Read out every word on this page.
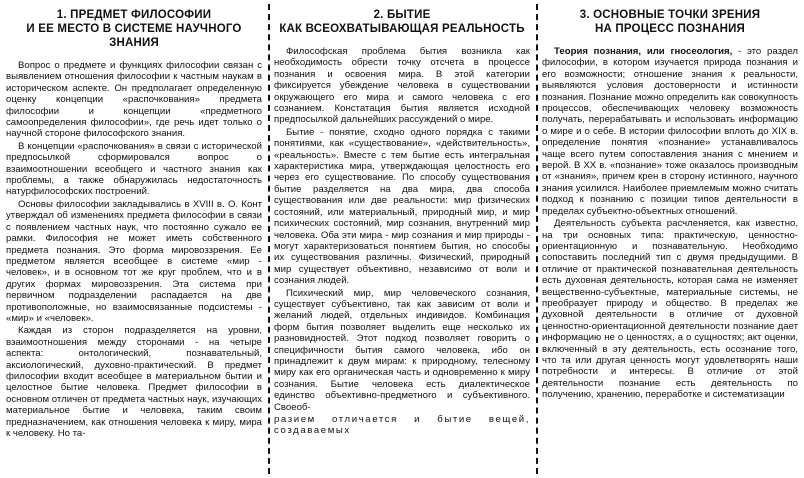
1. ПРЕДМЕТ ФИЛОСОФИИ
И ЕЕ МЕСТО В СИСТЕМЕ НАУЧНОГО ЗНАНИЯ

Вопрос о предмете и функциях философии связан с выявлением отношения философии к частным наукам в историческом аспекте. Он предполагает определенную оценку концепции «распочкования» предмета философии и концепции «предметного самоопределения философии», где речь идет только о научной стороне философского знания.

В концепции «распочкования» в связи с исторической предпосылкой сформировался вопрос о взаимоотношении всеобщего и частного знания как проблемы, а также обнаружилась недостаточность натурфилософских построений.

Основы философии закладывались в XVIII в. О. Конт утверждал об изменениях предмета философии в связи с появлением частных наук, что постоянно сужало ее рамки. Философия не может иметь собственного предмета познания. Это форма мировоззрения. Ее предметом является всеобщее в системе «мир - человек», и в основном тот же круг проблем, что и в других формах мировоззрения. Эта система при первичном подразделении распадается на две противоположные, но взаимосвязанные подсистемы - «мир» и «человек».

Каждая из сторон подразделяется на уровни, взаимоотношения между сторонами - на четыре аспекта: онтологический, познавательный, аксиологический, духовно-практический. В предмет философии входит всеобщее в материальном бытии и целостное бытие человека. Предмет философии в основном отличен от предмета частных наук, изучающих материальное бытие и человека, таким своим предназначением, как отношения человека к миру, мира к человеку. Но та-

2. БЫТИЕ
КАК ВСЕОХВАТЫВАЮЩАЯ РЕАЛЬНОСТЬ

Философская проблема бытия возникла как необходимость обрести точку отсчета в процессе познания и освоения мира. В этой категории фиксируется убеждение человека в существовании окружающего его мира и самого человека с его сознанием. Констатация бытия является исходной предпосылкой дальнейших рассуждений о мире.

Бытие - понятие, сходно одного порядка с такими понятиями, как «существование», «действительность», «реальность». Вместе с тем бытие есть интегральная характеристика мира, утверждающая целостность его через его существование. По способу существования бытие разделяется на два мира, два способа существования или две реальности: мир физических состояний, или материальный, природный мир, и мир психических состояний, мир сознания, внутренний мир человека. Оба эти мира - мир сознания и мир природы - могут характеризоваться понятием бытия, но способы их существования различны. Физический, природный мир существует объективно, независимо от воли и сознания людей.

Психический мир, мир человеческого сознания, существует субъективно, так как зависим от воли и желаний людей, отдельных индивидов. Комбинация форм бытия позволяет выделить еще несколько их разновидностей. Этот подход позволяет говорить о специфичности бытия самого человека, ибо он принадлежит к двум мирам: к природному, телесному миру как его органическая часть и одновременно к миру сознания. Бытие человека есть диалектическое единство объективно-предметного и субъективного. Своеоб-

разием отличается и бытие вещей, создаваемых

3. ОСНОВНЫЕ ТОЧКИ ЗРЕНИЯ
НА ПРОЦЕСС ПОЗНАНИЯ

Теория познания, или гносеология, - это раздел философии, в котором изучается природа познания и его возможности; отношение знания к реальности, выявляются условия достоверности и истинности познания. Познание можно определить как совокупность процессов, обеспечивающих человеку возможность получать, перерабатывать и использовать информацию о мире и о себе. В истории философии вплоть до XIX в. определение понятия «познание» устанавливалось чаще всего путем сопоставления знания с мнением и верой. В XX в. «познание» тоже оказалось производным от «знания», причем крен в сторону истинного, научного знания усилился. Наиболее приемлемым можно считать подход к познанию с позиции типов деятельности в пределах субъектно-объектных отношений.

Деятельность субъекта расчленяется, как известно, на три основных типа: практическую, ценностно-ориентационную и познавательную. Необходимо сопоставить последний тип с двумя предыдущими. В отличие от практической познавательная деятельность есть духовная деятельность, которая сама не изменяет вещественно-субъектные, материальные системы, не преобразует природу и общество. В пределах же духовной деятельности в отличие от духовной ценностно-ориентационной деятельности познание дает информацию не о ценностях, а о сущностях; акт оценки, включенный в эту деятельность, есть осознание того, что та или другая ценность могут удовлетворять наши потребности и интересы. В отличие от этой деятельности познание есть деятельность по получению, хранению, переработке и систематизации
